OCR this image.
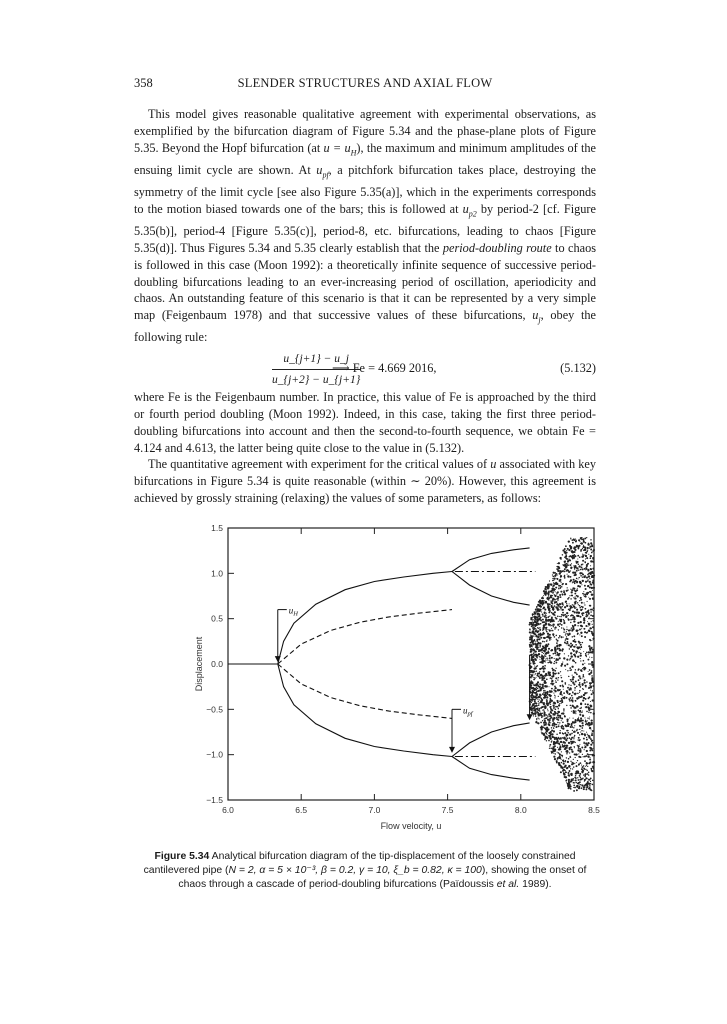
358	SLENDER STRUCTURES AND AXIAL FLOW

This model gives reasonable qualitative agreement with experimental observations, as exemplified by the bifurcation diagram of Figure 5.34 and the phase-plane plots of Figure 5.35. Beyond the Hopf bifurcation (at $u = u_H$), the maximum and minimum amplitudes of the ensuing limit cycle are shown. At $u_{pf}$, a pitchfork bifurcation takes place, destroying the symmetry of the limit cycle [see also Figure 5.35(a)], which in the experiments corresponds to the motion biased towards one of the bars; this is followed at $u_{p2}$ by period-2 [cf. Figure 5.35(b)], period-4 [Figure 5.35(c)], period-8, etc. bifurcations, leading to chaos [Figure 5.35(d)]. Thus Figures 5.34 and 5.35 clearly establish that the period-doubling route to chaos is followed in this case (Moon 1992): a theoretically infinite sequence of successive period-doubling bifurcations leading to an ever-increasing period of oscillation, aperiodicity and chaos. An outstanding feature of this scenario is that it can be represented by a very simple map (Feigenbaum 1978) and that successive values of these bifurcations, $u_j$, obey the following rule:

$\frac{u\_\{j+1\} - u\_j}{u\_\{j+2\} - u\_\{j+1\}}$
⟶ Fe = 4.669 2016,	(5.132)

where Fe is the Feigenbaum number. In practice, this value of Fe is approached by the third or fourth period doubling (Moon 1992). Indeed, in this case, taking the first three period-doubling bifurcations into account and then the second-to-fourth sequence, we obtain Fe = 4.124 and 4.613, the latter being quite close to the value in (5.132).

The quantitative agreement with experiment for the critical values of u associated with key bifurcations in Figure 5.34 is quite reasonable (within ∼ 20%). However, this agreement is achieved by grossly straining (relaxing) the values of some parameters, as follows:

6.0	6.5	7.0	7.5	8.0	8.5
1.5
1.0
0.5
0.0
−0.5
−1.0
−1.5
Flow velocity, u
Displacement
$u_H$
$u_{pf}$
$u_{p2}$
Figure 5.34 Analytical bifurcation diagram of the tip-displacement of the loosely constrained cantilevered pipe (N = 2, α = 5 × 10⁻³, β = 0.2, γ = 10, ξ_b = 0.82, κ = 100), showing the onset of chaos through a cascade of period-doubling bifurcations (Païdoussis et al. 1989).
